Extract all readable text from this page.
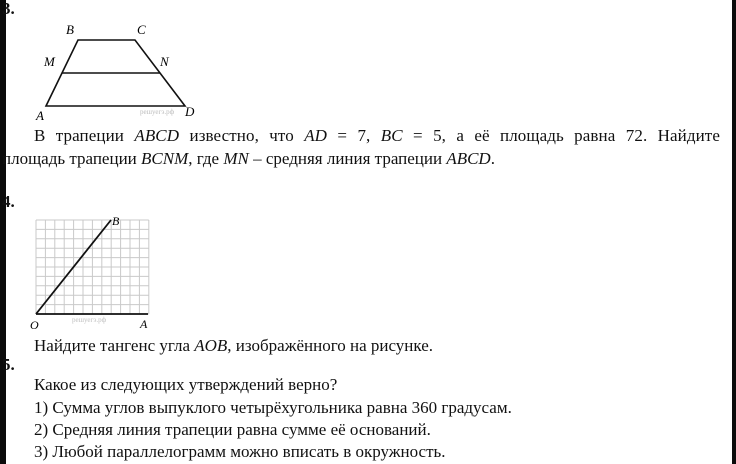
3.
B	C
M	N
A	D
решуегэ.рф
В трапеции ABCD известно, что AD = 7, BC = 5, а её площадь равна 72. Найдите
площадь трапеции BCNM, где MN – средняя линия трапеции ABCD.
4.
B
O	A
решуегэ.рф
Найдите тангенс угла AOB, изображённого на рисунке.
5.
Какое из следующих утверждений верно?
1) Сумма углов выпуклого четырёхугольника равна 360 градусам.
2) Средняя линия трапеции равна сумме её оснований.
3) Любой параллелограмм можно вписать в окружность.
